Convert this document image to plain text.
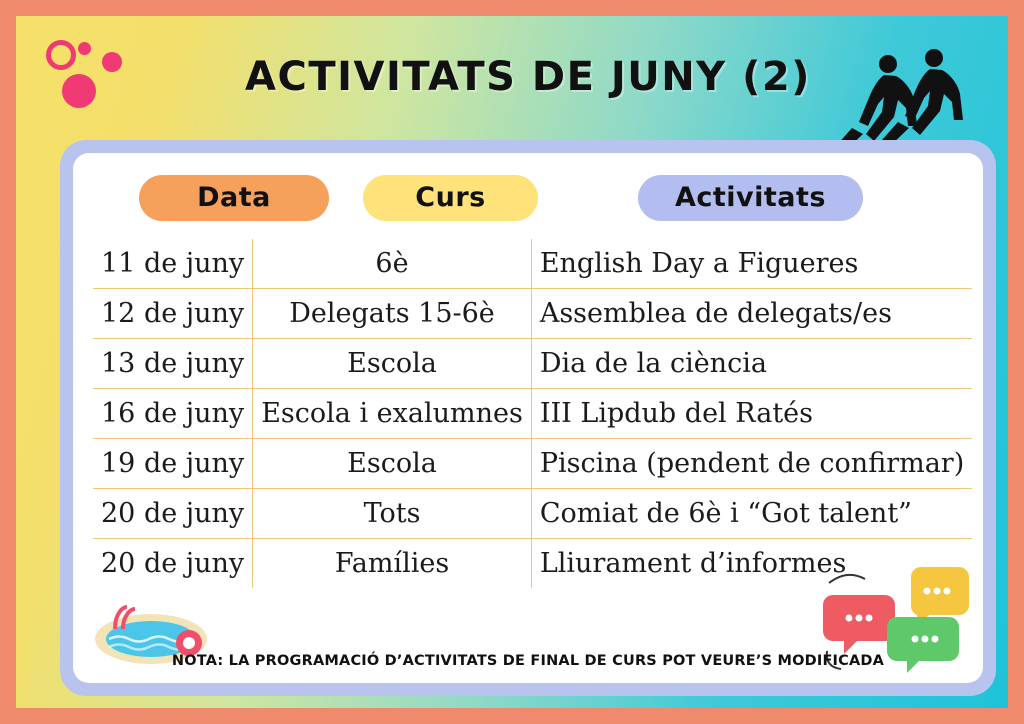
ACTIVITATS DE JUNY (2)
Data	Curs	Activitats
11 de juny	6è	English Day a Figueres
12 de juny	Delegats 15-6è	Assemblea de delegats/es
13 de juny	Escola	Dia de la ciència
16 de juny	Escola i exalumnes	III Lipdub del Ratés
19 de juny	Escola	Piscina (pendent de confirmar)
20 de juny	Tots	Comiat de 6è i “Got talent”
20 de juny	Famílies	Lliurament d’informes
NOTA: LA PROGRAMACIÓ D’ACTIVITATS DE FINAL DE CURS POT VEURE’S MODIFICADA
